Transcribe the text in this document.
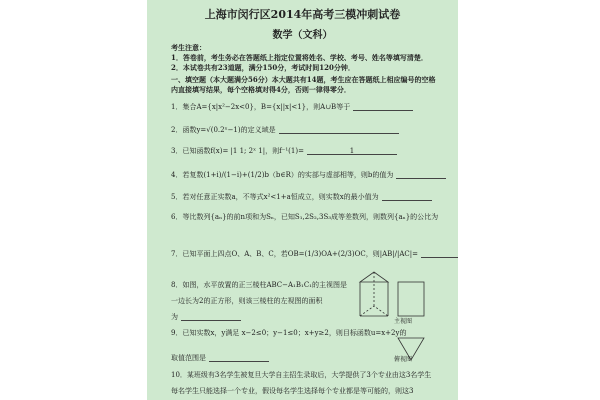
上海市闵行区2014年高考三模冲刺试卷
数学（文科）
考生注意：
1．答卷前，考生务必在答题纸上指定位置将姓名、学校、考号、姓名等填写清楚．
2．本试卷共有23道题，满分150分，考试时间120分钟．
一、填空题（本大题满分56分）本大题共有14题，考生应在答题纸上相应编号的空格
内直接填写结果，每个空格填对得4分，否则一律得零分．
1．集合A={x|x²−2x<0}，B={x||x|<1}，则A∪B等于
2．函数y=√(0.2ˣ−1)的定义域是
3．已知函数f(x)= |1 1; 2ˣ 1|，则f⁻¹(1)=	1
4．若复数(1+i)/(1−i)+(1/2)b（b∈R）的实部与虚部相等，则b的值为
5．若对任意正实数a，不等式x²<1+a恒成立，则实数x的最小值为
6．等比数列{aₙ}的前n项和为Sₙ，已知S₁,2S₂,3S₃成等差数列，则数列{aₙ}的公比为
7．已知平面上四点O、A、B、C，若OB=(1/3)OA+(2/3)OC，则|AB|/|AC|=
8．如图，水平放置的正三棱柱ABC−A₁B₁C₁的主视图是
一边长为2的正方形，则该三棱柱的左视图的面积
为
9．已知实数x，y满足 x−2≤0；y−1≤0；x+y≥2，则目标函数u=x+2y的
取值范围是
10．某班级有3名学生被复旦大学自主招生录取后，大学提供了3个专业由这3名学生
每名学生只能选择一个专业，假设每名学生选择每个专业都是等可能的，则这3
主视图
俯视图
